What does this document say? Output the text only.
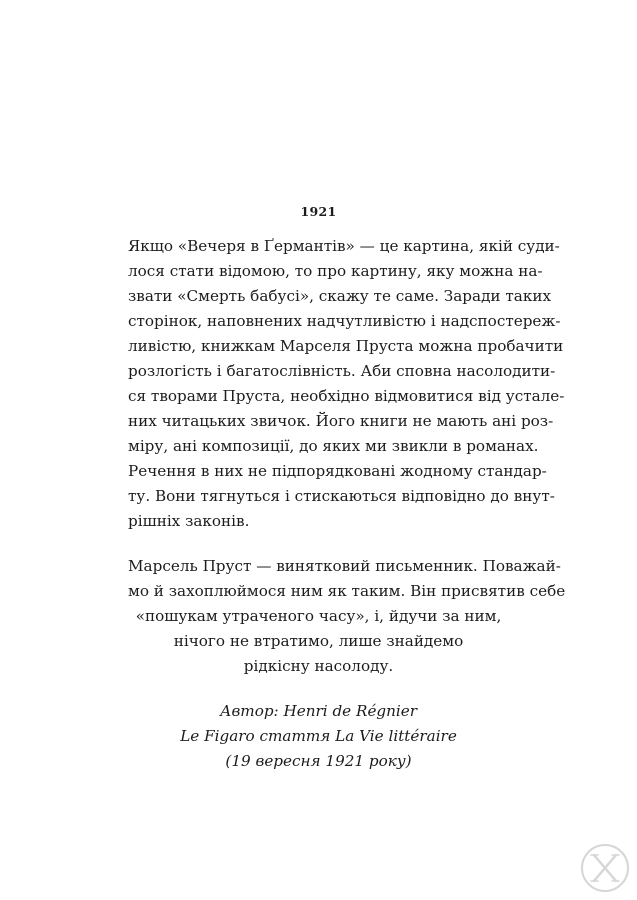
1921
Якщо «Вечеря в Ґермантів» — це картина, якій суди-
лося стати відомою, то про картину, яку можна на-
звати «Смерть бабусі», скажу те саме. Заради таких
сторінок, наповнених надчутливістю і надспостереж-
ливістю, книжкам Марселя Пруста можна пробачити
розлогість і багатослівність. Аби сповна насолодити-
ся творами Пруста, необхідно відмовитися від устале-
них читацьких звичок. Його книги не мають ані роз-
міру, ані композиції, до яких ми звикли в романах.
Речення в них не підпорядковані жодному стандар-
ту. Вони тягнуться і стискаються відповідно до внут-
рішніх законів.
Марсель Пруст — винятковий письменник. Поважай-
мо й захоплюймося ним як таким. Він присвятив себе
«пошукам утраченого часу», і, йдучи за ним,
нічого не втратимо, лише знайдемо
рідкісну насолоду.
Автор: Henri de Régnier
Le Figaro стаття La Vie littéraire
(19 вересня 1921 року)
